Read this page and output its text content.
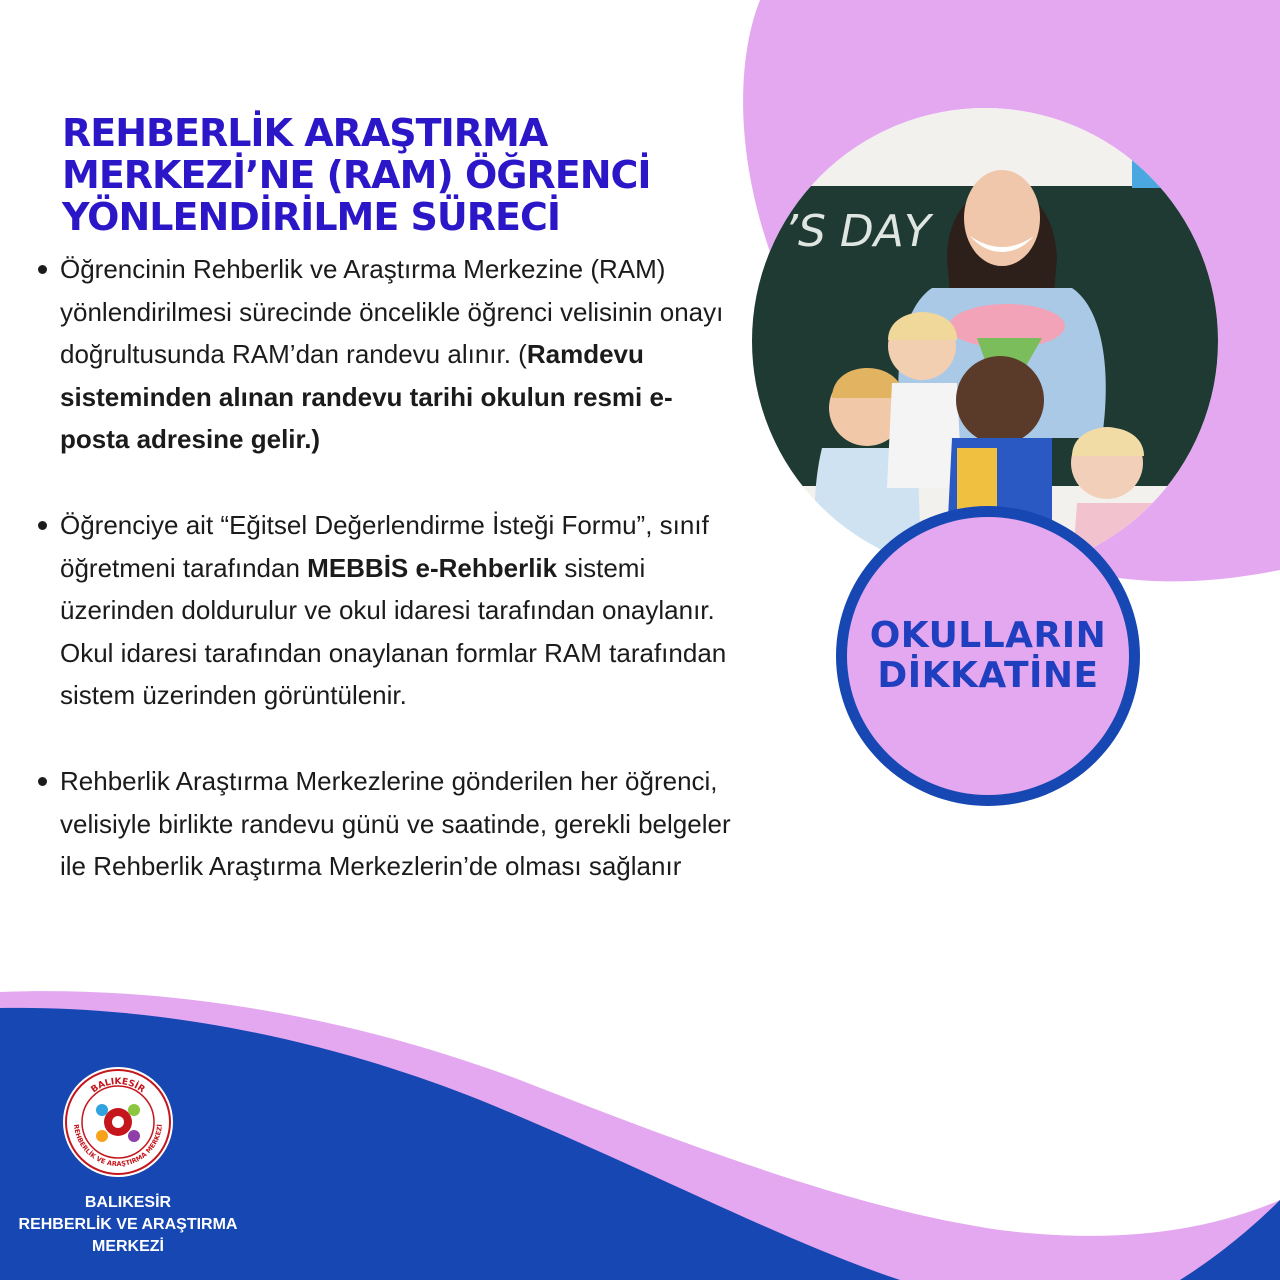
REHBERLİK ARAŞTIRMA
MERKEZİ’NE (RAM) ÖĞRENCİ
YÖNLENDİRİLME SÜRECİ
Öğrencinin Rehberlik ve Araştırma Merkezine (RAM) yönlendirilmesi sürecinde öncelikle öğrenci velisinin onayı doğrultusunda RAM’dan randevu alınır. (Ramdevu sisteminden alınan randevu tarihi okulun resmi e-posta adresine gelir.)
Öğrenciye ait “Eğitsel Değerlendirme İsteği Formu”, sınıf öğretmeni tarafından MEBBİS e-Rehberlik sistemi üzerinden doldurulur ve okul idaresi tarafından onaylanır. Okul idaresi tarafından onaylanan formlar RAM tarafından sistem üzerinden görüntülenir.
Rehberlik Araştırma Merkezlerine gönderilen her öğrenci, velisiyle birlikte randevu günü ve saatinde, gerekli belgeler ile Rehberlik Araştırma Merkezlerin’de olması sağlanır
’S DAY
OKULLARIN
DİKKATİNE
BALIKESİR
REHBERLİK VE ARAŞTIRMA MERKEZİ
BALIKESİR
REHBERLİK VE ARAŞTIRMA
MERKEZİ
